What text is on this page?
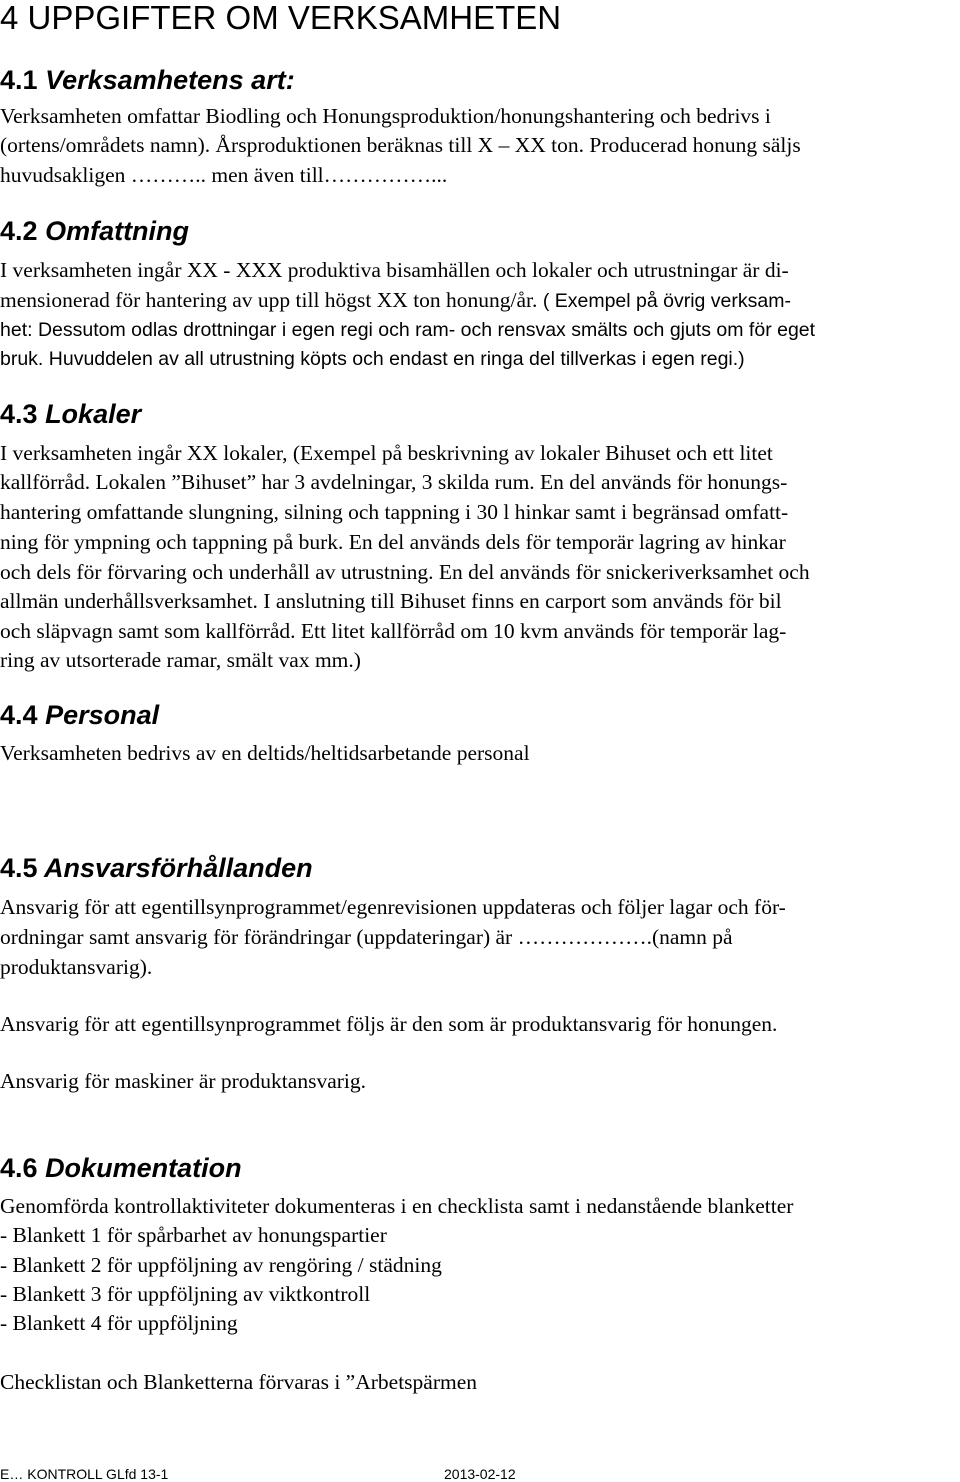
4 UPPGIFTER OM VERKSAMHETEN
4.1 Verksamhetens art:
Verksamheten omfattar Biodling och Honungsproduktion/honungshantering och bedrivs i
(ortens/områdets namn). Årsproduktionen beräknas till X – XX ton. Producerad honung säljs
huvudsakligen ……….. men även till……………...
4.2 Omfattning
I verksamheten ingår XX - XXX produktiva bisamhällen och lokaler och utrustningar är di-
mensionerad för hantering av upp till högst XX ton honung/år. ( Exempel på övrig verksam-
het: Dessutom odlas drottningar i egen regi och ram- och rensvax smälts och gjuts om för eget
bruk. Huvuddelen av all utrustning köpts och endast en ringa del tillverkas i egen regi.)
4.3 Lokaler
I verksamheten ingår XX lokaler, (Exempel på beskrivning av lokaler Bihuset och ett litet
kallförråd. Lokalen ”Bihuset” har 3 avdelningar, 3 skilda rum. En del används för honungs-
hantering omfattande slungning, silning och tappning i 30 l hinkar samt i begränsad omfatt-
ning för ympning och tappning på burk. En del används dels för temporär lagring av hinkar
och dels för förvaring och underhåll av utrustning. En del används för snickeriverksamhet och
allmän underhållsverksamhet. I anslutning till Bihuset finns en carport som används för bil
och släpvagn samt som kallförråd. Ett litet kallförråd om 10 kvm används för temporär lag-
ring av utsorterade ramar, smält vax mm.)
4.4 Personal
Verksamheten bedrivs av en deltids/heltidsarbetande personal
4.5 Ansvarsförhållanden
Ansvarig för att egentillsynprogrammet/egenrevisionen uppdateras och följer lagar och för-
ordningar samt ansvarig för förändringar (uppdateringar) är ……………….(namn på
produktansvarig).
Ansvarig för att egentillsynprogrammet följs är den som är produktansvarig för honungen.
Ansvarig för maskiner är produktansvarig.
4.6 Dokumentation
Genomförda kontrollaktiviteter dokumenteras i en checklista samt i nedanstående blanketter
- Blankett 1 för spårbarhet av honungspartier
- Blankett 2 för uppföljning av rengöring / städning
- Blankett 3 för uppföljning av viktkontroll
- Blankett 4 för uppföljning
Checklistan och Blanketterna förvaras i ”Arbetspärmen
E… KONTROLL GLfd 13-1	2013-02-12
